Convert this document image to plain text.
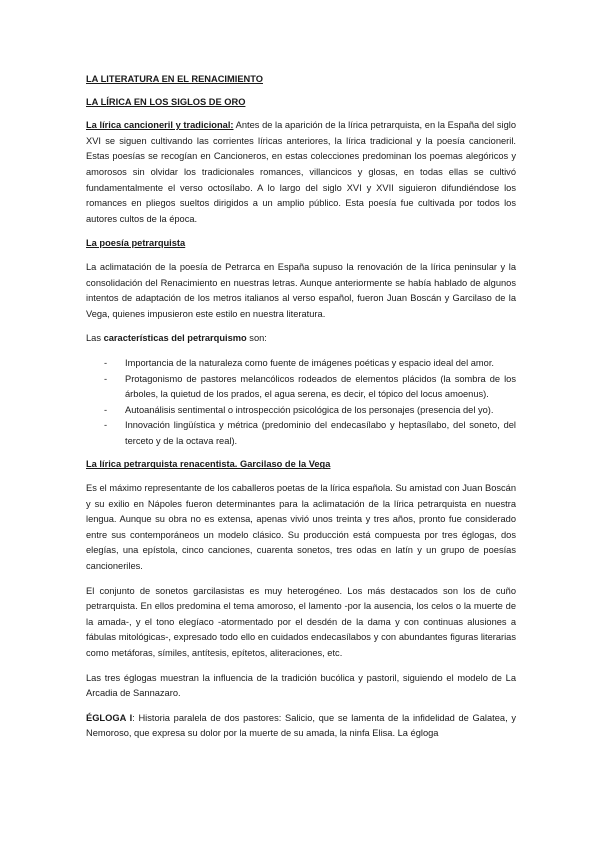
LA LITERATURA EN EL RENACIMIENTO
LA LÍRICA EN LOS SIGLOS DE ORO

La lírica cancioneril y tradicional: Antes de la aparición de la lírica petrarquista, en la España del siglo XVI se siguen cultivando las corrientes líricas anteriores, la lírica tradicional y la poesía cancioneril. Estas poesías se recogían en Cancioneros, en estas colecciones predominan los poemas alegóricos y amorosos sin olvidar los tradicionales romances, villancicos y glosas, en todas ellas se cultivó fundamentalmente el verso octosílabo. A lo largo del siglo XVI y XVII siguieron difundiéndose los romances en pliegos sueltos dirigidos a un amplio público. Esta poesía fue cultivada por todos los autores cultos de la época.

La poesía petrarquista

La aclimatación de la poesía de Petrarca en España supuso la renovación de la lírica peninsular y la consolidación del Renacimiento en nuestras letras. Aunque anteriormente se había hablado de algunos intentos de adaptación de los metros italianos al verso español, fueron Juan Boscán y Garcilaso de la Vega, quienes impusieron este estilo en nuestra literatura.

Las características del petrarquismo son:

- Importancia de la naturaleza como fuente de imágenes poéticas y espacio ideal del amor.
- Protagonismo de pastores melancólicos rodeados de elementos plácidos (la sombra de los árboles, la quietud de los prados, el agua serena, es decir, el tópico del locus amoenus).
- Autoanálisis sentimental o introspección psicológica de los personajes (presencia del yo).
- Innovación lingüística y métrica (predominio del endecasílabo y heptasílabo, del soneto, del terceto y de la octava real).
La lírica petrarquista renacentista. Garcilaso de la Vega

Es el máximo representante de los caballeros poetas de la lírica española. Su amistad con Juan Boscán y su exilio en Nápoles fueron determinantes para la aclimatación de la lírica petrarquista en nuestra lengua. Aunque su obra no es extensa, apenas vivió unos treinta y tres años, pronto fue considerado entre sus contemporáneos un modelo clásico. Su producción está compuesta por tres églogas, dos elegías, una epístola, cinco canciones, cuarenta sonetos, tres odas en latín y un grupo de poesías cancioneriles.

El conjunto de sonetos garcilasistas es muy heterogéneo. Los más destacados son los de cuño petrarquista. En ellos predomina el tema amoroso, el lamento -por la ausencia, los celos o la muerte de la amada-, y el tono elegíaco -atormentado por el desdén de la dama y con continuas alusiones a fábulas mitológicas-, expresado todo ello en cuidados endecasílabos y con abundantes figuras literarias como metáforas, símiles, antítesis, epítetos, aliteraciones, etc.

Las tres églogas muestran la influencia de la tradición bucólica y pastoril, siguiendo el modelo de La Arcadia de Sannazaro.

ÉGLOGA I: Historia paralela de dos pastores: Salicio, que se lamenta de la infidelidad de Galatea, y Nemoroso, que expresa su dolor por la muerte de su amada, la ninfa Elisa. La égloga
